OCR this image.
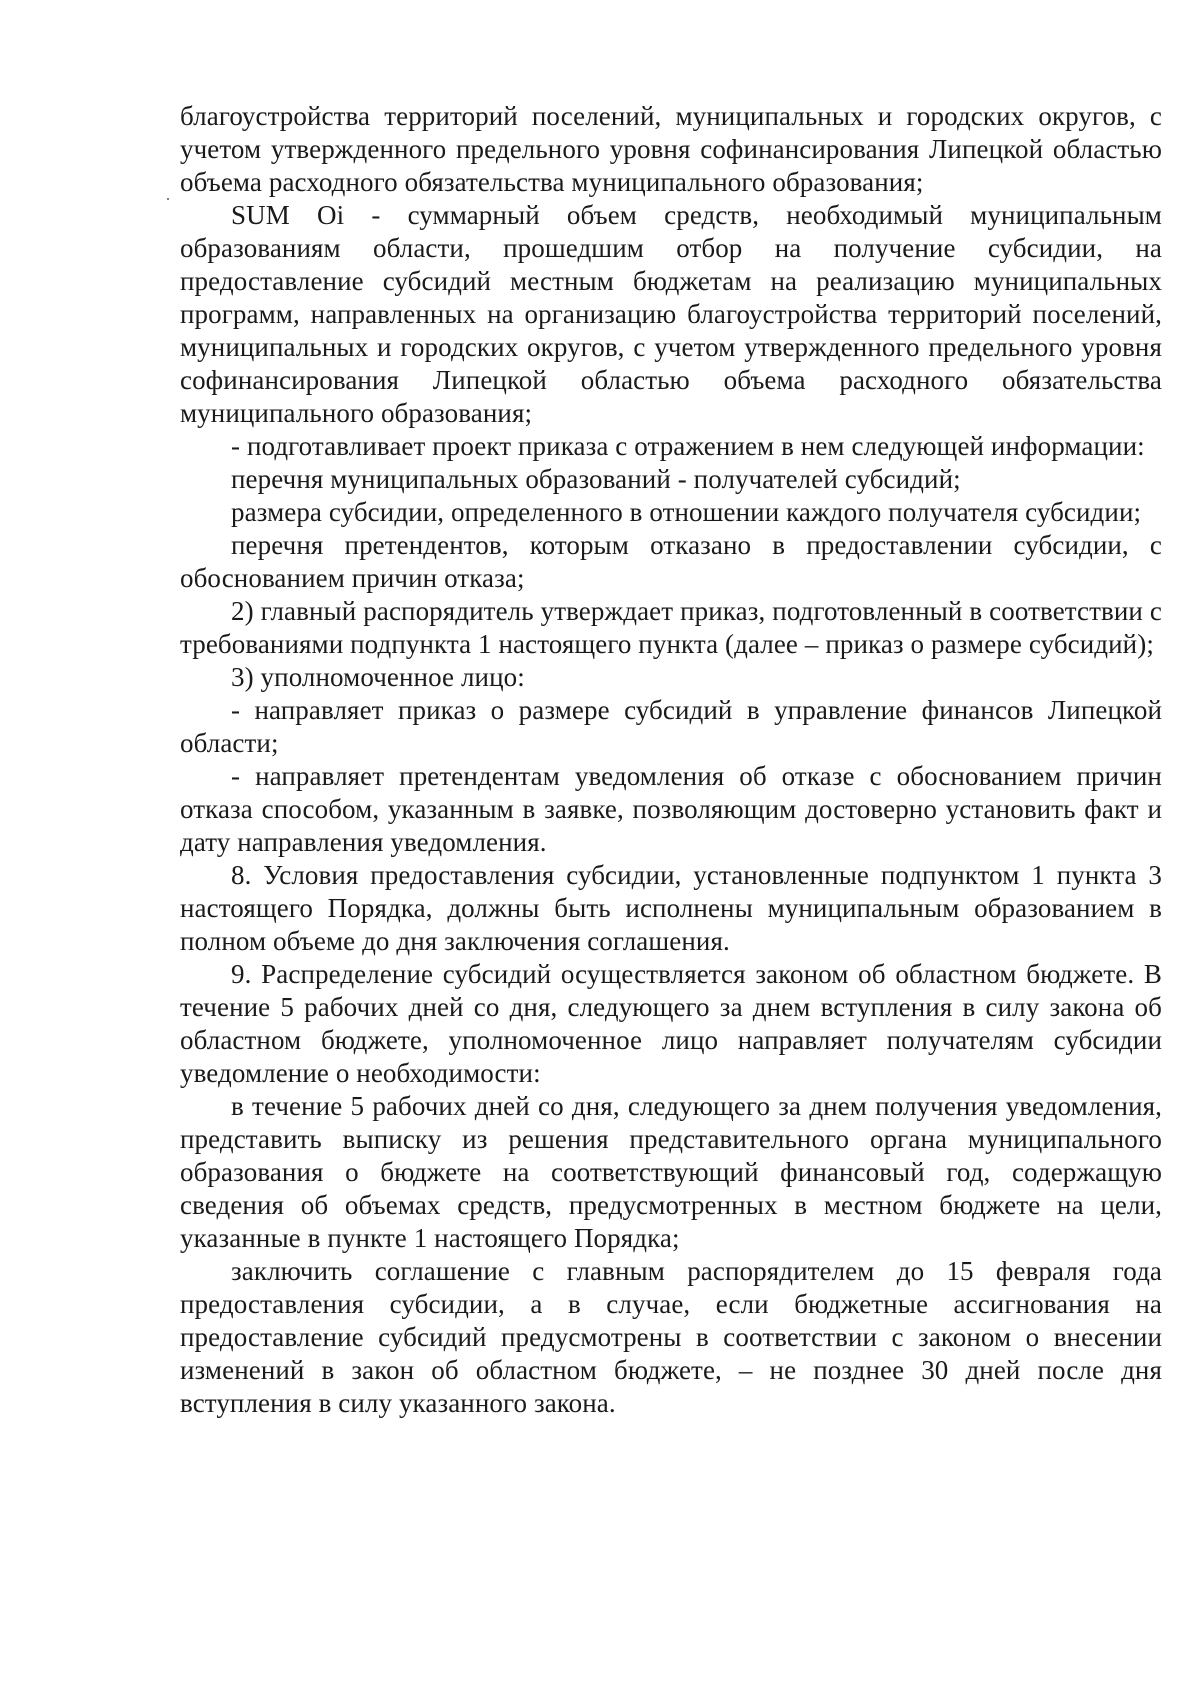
благоустройства территорий поселений, муниципальных и городских округов, с учетом утвержденного предельного уровня софинансирования Липецкой областью объема расходного обязательства муниципального образования;

SUM Oi - суммарный объем средств, необходимый муниципальным образованиям области, прошедшим отбор на получение субсидии, на предоставление субсидий местным бюджетам на реализацию муниципальных программ, направленных на организацию благоустройства территорий поселений, муниципальных и городских округов, с учетом утвержденного предельного уровня софинансирования Липецкой областью объема расходного обязательства муниципального образования;

- подготавливает проект приказа с отражением в нем следующей информации:

перечня муниципальных образований - получателей субсидий;

размера субсидии, определенного в отношении каждого получателя субсидии;

перечня претендентов, которым отказано в предоставлении субсидии, с обоснованием причин отказа;

2) главный распорядитель утверждает приказ, подготовленный в соответствии с требованиями подпункта 1 настоящего пункта (далее – приказ о размере субсидий);

3) уполномоченное лицо:

- направляет приказ о размере субсидий в управление финансов Липецкой области;

- направляет претендентам уведомления об отказе с обоснованием причин отказа способом, указанным в заявке, позволяющим достоверно установить факт и дату направления уведомления.

8. Условия предоставления субсидии, установленные подпунктом 1 пункта 3 настоящего Порядка, должны быть исполнены муниципальным образованием в полном объеме до дня заключения соглашения.

9. Распределение субсидий осуществляется законом об областном бюджете. В течение 5 рабочих дней со дня, следующего за днем вступления в силу закона об областном бюджете, уполномоченное лицо направляет получателям субсидии уведомление о необходимости:

в течение 5 рабочих дней со дня, следующего за днем получения уведомления, представить выписку из решения представительного органа муниципального образования о бюджете на соответствующий финансовый год, содержащую сведения об объемах средств, предусмотренных в местном бюджете на цели, указанные в пункте 1 настоящего Порядка;

заключить соглашение с главным распорядителем до 15 февраля года предоставления субсидии, а в случае, если бюджетные ассигнования на предоставление субсидий предусмотрены в соответствии с законом о внесении изменений в закон об областном бюджете, – не позднее 30 дней после дня вступления в силу указанного закона.
